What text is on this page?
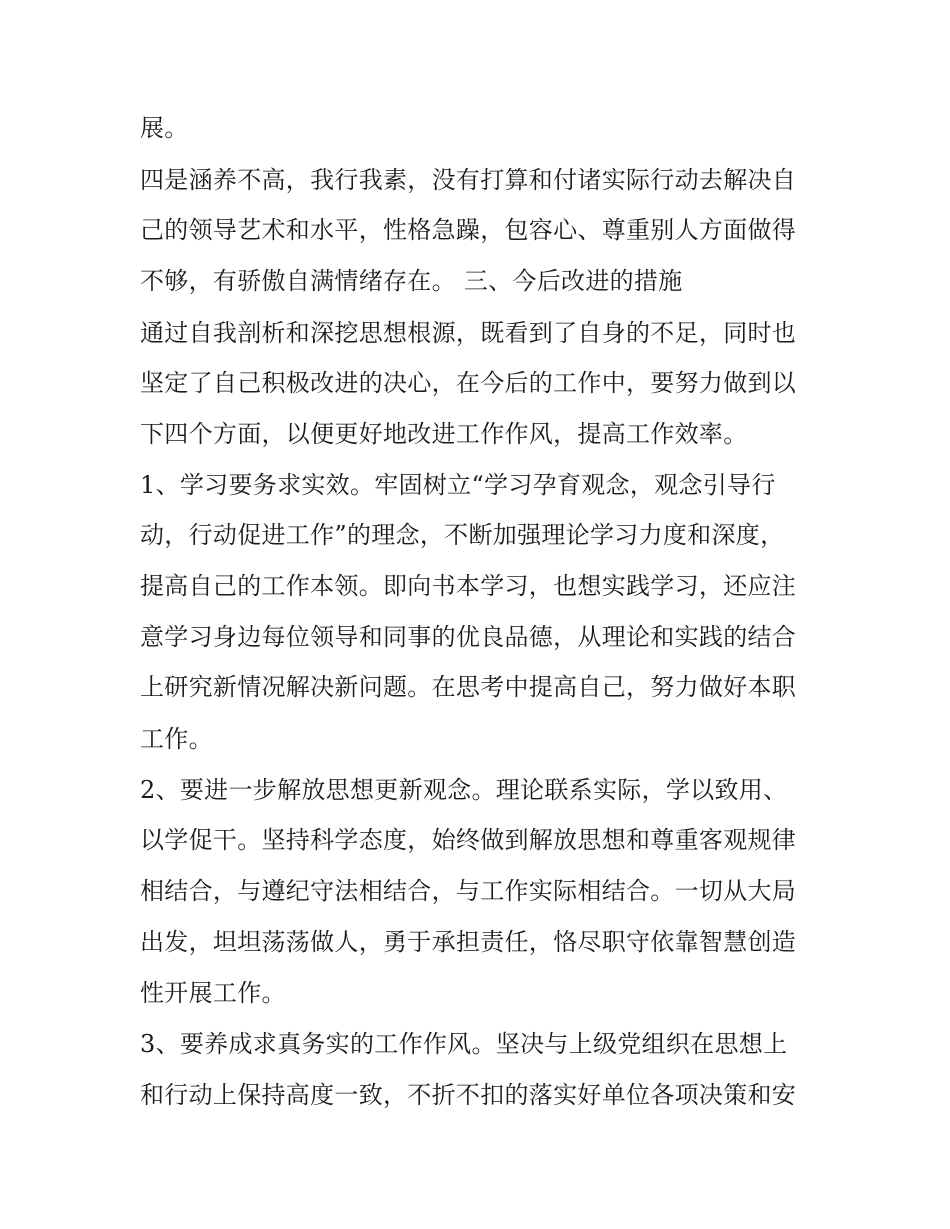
展。
四是涵养不高，我行我素，没有打算和付诸实际行动去解决自
己的领导艺术和水平，性格急躁，包容心、尊重别人方面做得
不够，有骄傲自满情绪存在。 三、今后改进的措施
通过自我剖析和深挖思想根源，既看到了自身的不足，同时也
坚定了自己积极改进的决心，在今后的工作中，要努力做到以
下四个方面，以便更好地改进工作作风，提高工作效率。
1、学习要务求实效。牢固树立“学习孕育观念，观念引导行
动，行动促进工作”的理念，不断加强理论学习力度和深度，
提高自己的工作本领。即向书本学习，也想实践学习，还应注
意学习身边每位领导和同事的优良品德，从理论和实践的结合
上研究新情况解决新问题。在思考中提高自己，努力做好本职
工作。
2、要进一步解放思想更新观念。理论联系实际，学以致用、
以学促干。坚持科学态度，始终做到解放思想和尊重客观规律
相结合，与遵纪守法相结合，与工作实际相结合。一切从大局
出发，坦坦荡荡做人，勇于承担责任，恪尽职守依靠智慧创造
性开展工作。
3、要养成求真务实的工作作风。坚决与上级党组织在思想上
和行动上保持高度一致，不折不扣的落实好单位各项决策和安
